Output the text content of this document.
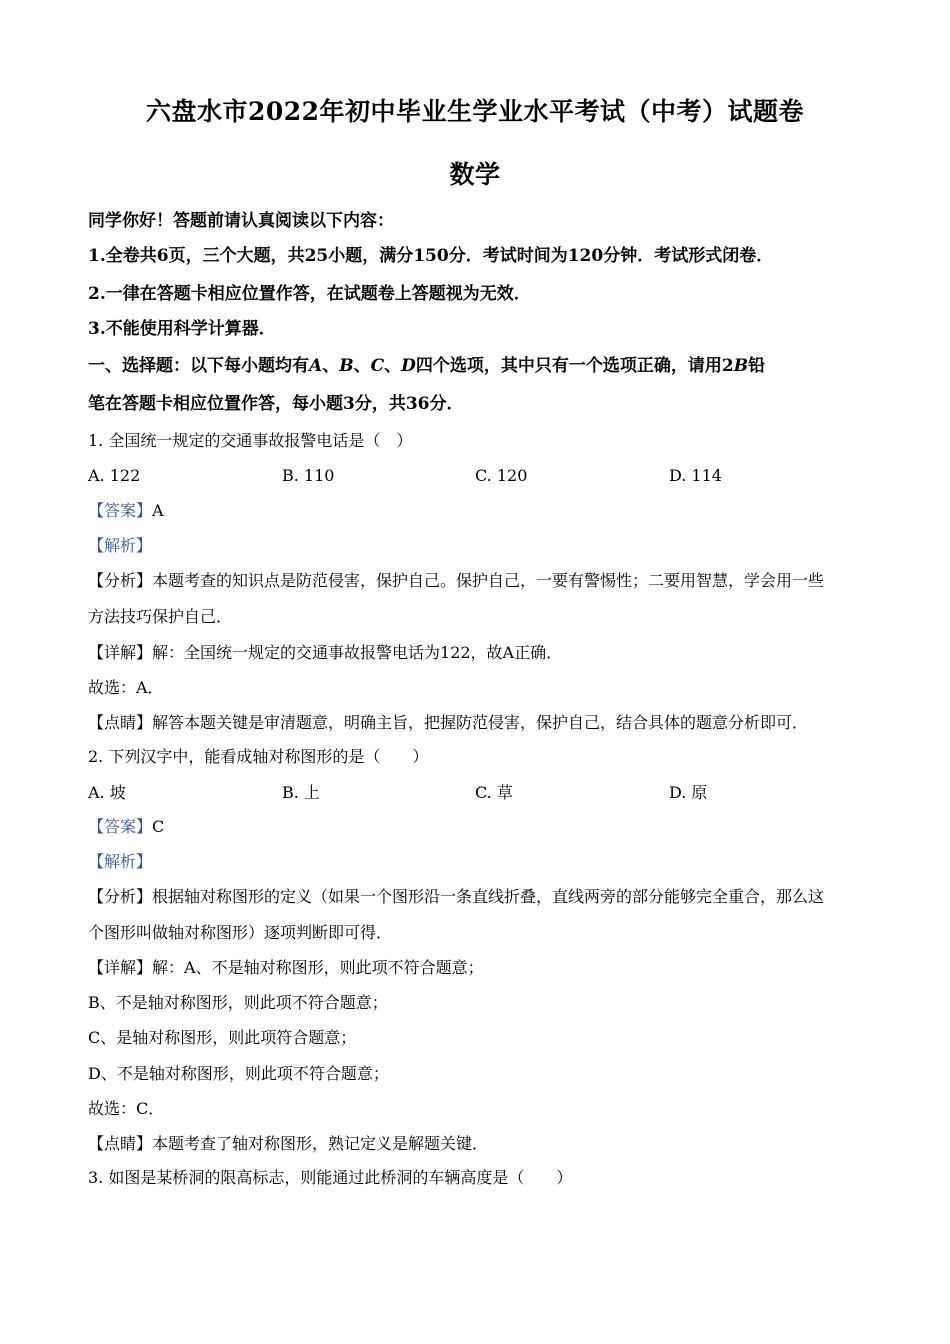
六盘水市2022年初中毕业生学业水平考试（中考）试题卷
数学
同学你好！答题前请认真阅读以下内容：
1.全卷共6页，三个大题，共25小题，满分150分．考试时间为120分钟．考试形式闭卷．
2.一律在答题卡相应位置作答，在试题卷上答题视为无效．
3.不能使用科学计算器．
一、选择题：以下每小题均有A、B、C、D四个选项，其中只有一个选项正确，请用2B铅
笔在答题卡相应位置作答，每小题3分，共36分．
1. 全国统一规定的交通事故报警电话是（　）
A. 122	B. 110	C. 120	D. 114
【答案】A
【解析】
【分析】本题考查的知识点是防范侵害，保护自己。保护自己，一要有警惕性；二要用智慧，学会用一些
方法技巧保护自己．
【详解】解：全国统一规定的交通事故报警电话为122，故A正确．
故选：A．
【点睛】解答本题关键是审清题意，明确主旨，把握防范侵害，保护自己，结合具体的题意分析即可．
2. 下列汉字中，能看成轴对称图形的是（　　）
A. 坡	B. 上	C. 草	D. 原
【答案】C
【解析】
【分析】根据轴对称图形的定义（如果一个图形沿一条直线折叠，直线两旁的部分能够完全重合，那么这
个图形叫做轴对称图形）逐项判断即可得．
【详解】解：A、不是轴对称图形，则此项不符合题意；
B、不是轴对称图形，则此项不符合题意；
C、是轴对称图形，则此项符合题意；
D、不是轴对称图形，则此项不符合题意；
故选：C．
【点睛】本题考查了轴对称图形，熟记定义是解题关键．
3. 如图是某桥洞的限高标志，则能通过此桥洞的车辆高度是（　　）
